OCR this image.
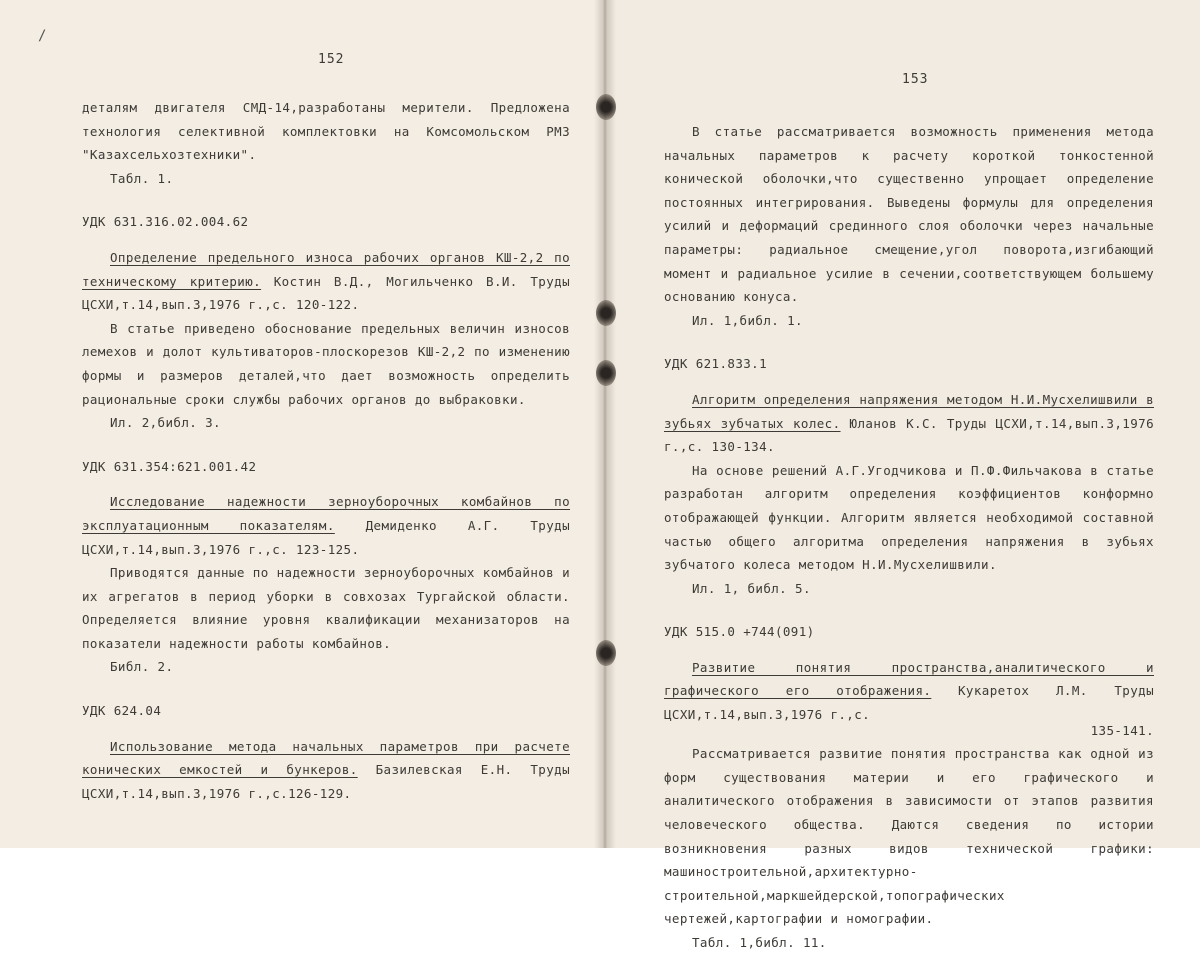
/
152
деталям двигателя СМД-14,разработаны мерители. Предложена технология селективной комплектовки на Комсомольском РМЗ "Казахсельхозтехники".
Табл. 1.
УДК 631.316.02.004.62
Определение предельного износа рабочих органов КШ-2,2 по техническому критерию. Костин В.Д., Могильченко В.И. Труды ЦСХИ,т.14,вып.3,1976 г.,с. 120-122.
В статье приведено обоснование предельных величин износов лемехов и долот культиваторов-плоскорезов КШ-2,2 по изменению формы и размеров деталей,что дает возможность определить рациональные сроки службы рабочих органов до выбраковки.
Ил. 2,библ. 3.
УДК 631.354:621.001.42
Исследование надежности зерноуборочных комбайнов по эксплуатационным показателям. Демиденко А.Г. Труды ЦСХИ,т.14,вып.3,1976 г.,с. 123-125.
Приводятся данные по надежности зерноуборочных комбайнов и их агрегатов в период уборки в совхозах Тургайской области. Определяется влияние уровня квалификации механизаторов на показатели надежности работы комбайнов.
Библ. 2.
УДК 624.04
Использование метода начальных параметров при расчете конических емкостей и бункеров. Базилевская Е.Н. Труды ЦСХИ,т.14,вып.3,1976 г.,с.126-129.
153
В статье рассматривается возможность применения метода начальных параметров к расчету короткой тонкостенной конической оболочки,что существенно упрощает определение постоянных интегрирования. Выведены формулы для определения усилий и деформаций срединного слоя оболочки через начальные параметры: радиальное смещение,угол поворота,изгибающий момент и радиальное усилие в сечении,соответствующем большему основанию конуса.
Ил. 1,библ. 1.
УДК 621.833.1
Алгоритм определения напряжения методом Н.И.Мусхелишвили в зубьях зубчатых колес. Юланов К.С. Труды ЦСХИ,т.14,вып.3,1976 г.,с. 130-134.
На основе решений А.Г.Угодчикова и П.Ф.Фильчакова в статье разработан алгоритм определения коэффициентов конформно отображающей функции. Алгоритм является необходимой составной частью общего алгоритма определения напряжения в зубьях зубчатого колеса методом Н.И.Мусхелишвили.
Ил. 1, библ. 5.
УДК 515.0 +744(091)
Развитие понятия пространства,аналитического и графического его отображения. Кукаретох Л.М. Труды ЦСХИ,т.14,вып.3,1976 г.,с.
135-141.
Рассматривается развитие понятия пространства как одной из форм существования материи и его графического и аналитического отображения в зависимости от этапов развития человеческого общества. Даются сведения по истории возникновения разных видов технической графики: машиностроительной,архитектурно-строительной,маркшейдерской,топографических чертежей,картографии и номографии.
Табл. 1,библ. 11.
